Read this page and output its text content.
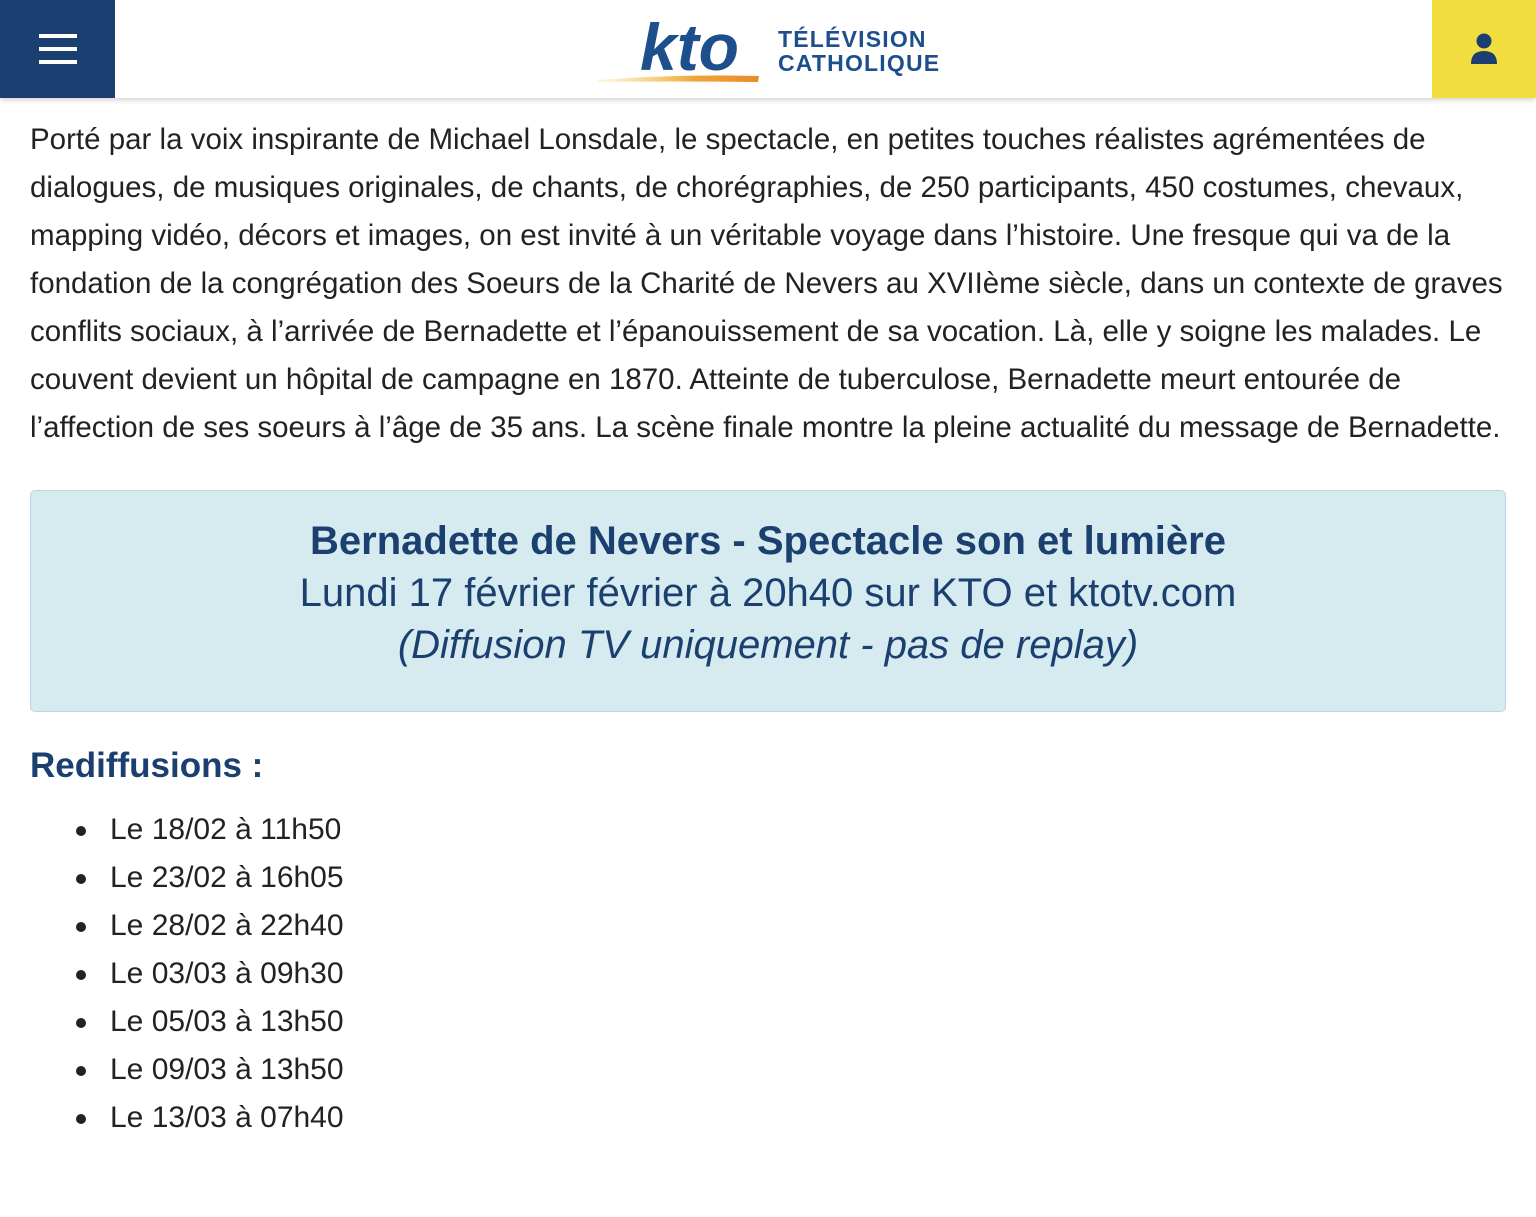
kto TÉLÉVISION
CATHOLIQUE

Porté par la voix inspirante de Michael Lonsdale, le spectacle, en petites touches réalistes agrémentées de dialogues, de musiques originales, de chants, de chorégraphies, de 250 participants, 450 costumes, chevaux, mapping vidéo, décors et images, on est invité à un véritable voyage dans l’histoire. Une fresque qui va de la fondation de la congrégation des Soeurs de la Charité de Nevers au XVIIème siècle, dans un contexte de graves conflits sociaux, à l’arrivée de Bernadette et l’épanouissement de sa vocation. Là, elle y soigne les malades. Le couvent devient un hôpital de campagne en 1870. Atteinte de tuberculose, Bernadette meurt entourée de l’affection de ses soeurs à l’âge de 35 ans. La scène finale montre la pleine actualité du message de Bernadette.

Bernadette de Nevers - Spectacle son et lumière
Lundi 17 février février à 20h40 sur KTO et ktotv.com
(Diffusion TV uniquement - pas de replay)
Rediffusions :
Le 18/02 à 11h50
Le 23/02 à 16h05
Le 28/02 à 22h40
Le 03/03 à 09h30
Le 05/03 à 13h50
Le 09/03 à 13h50
Le 13/03 à 07h40
